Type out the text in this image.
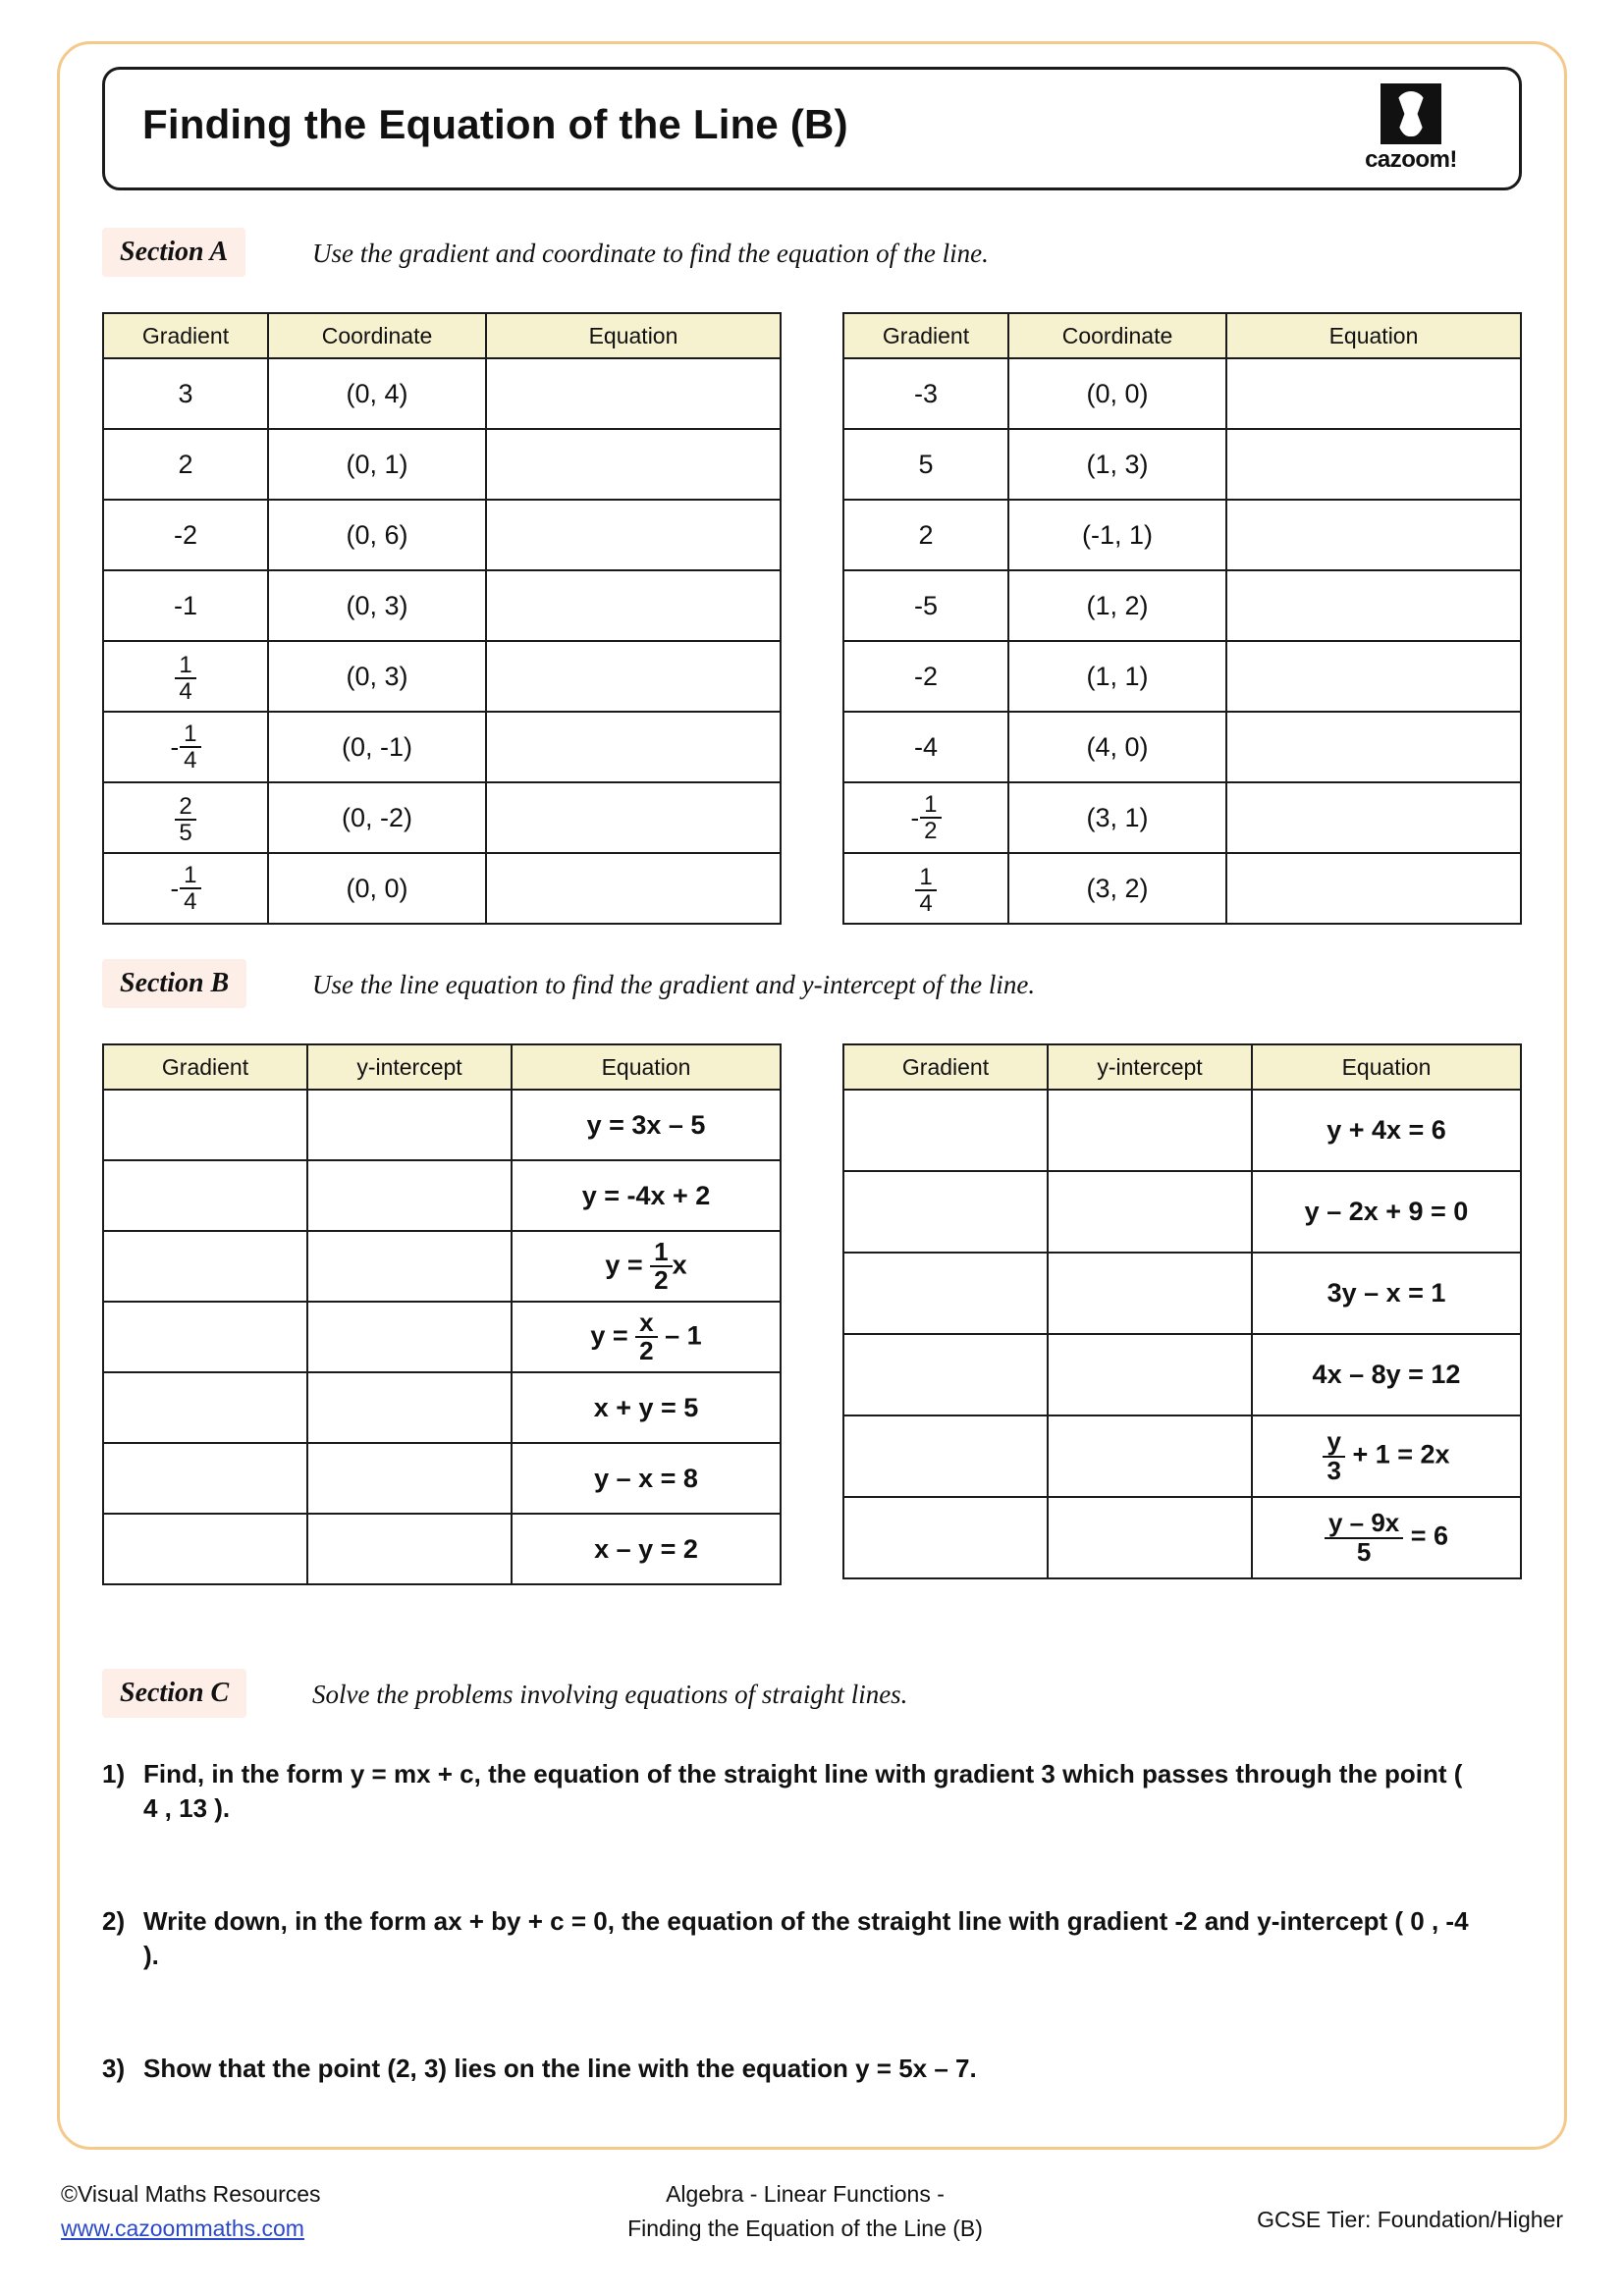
Finding the Equation of the Line (B)
cazoom!
Section A	Use the gradient and coordinate to find the equation of the line.
Gradient	Coordinate	Equation
3	(0, 4)	
2	(0, 1)	
-2	(0, 6)	
-1	(0, 3)	

$\frac{1}{4}$	(0, 3)	

- $\frac{1}{4}$	(0, -1)	

$\frac{2}{5}$	(0, -2)	

- $\frac{1}{4}$	(0, 0)	
Gradient	Coordinate	Equation
-3	(0, 0)	
5	(1, 3)	
2	(-1, 1)	
-5	(1, 2)	
-2	(1, 1)	
-4	(4, 0)	

- $\frac{1}{2}$	(3, 1)	

$\frac{1}{4}$	(3, 2)	
Section B	Use the line equation to find the gradient and y-intercept of the line.
Gradient	y-intercept	Equation
		y = 3x – 5
		y = -4x + 2
		$y = \frac{1}{2}$ x
		$y = \frac{x}{2} - 1$
		x + y = 5
		y – x = 8
		x – y = 2
Gradient	y-intercept	Equation
		y + 4x = 6
		y – 2x + 9 = 0
		3y – x = 1
		4x – 8y = 12

		$\frac{y}{3} + 1 = 2x$

		$\frac{y - 9x}{5} = 6$
Section C	Solve the problems involving equations of straight lines.
1) Find, in the form y = mx + c, the equation of the straight line with gradient 3 which passes through the point ( 4 , 13 ).
2) Write down, in the form ax + by + c = 0, the equation of the straight line with gradient -2 and y-intercept ( 0 , -4 ).
3) Show that the point (2, 3) lies on the line with the equation y = 5x – 7.
©Visual Maths Resources
www.cazoommaths.com
Algebra - Linear Functions -
Finding the Equation of the Line (B)	GCSE Tier: Foundation/Higher
